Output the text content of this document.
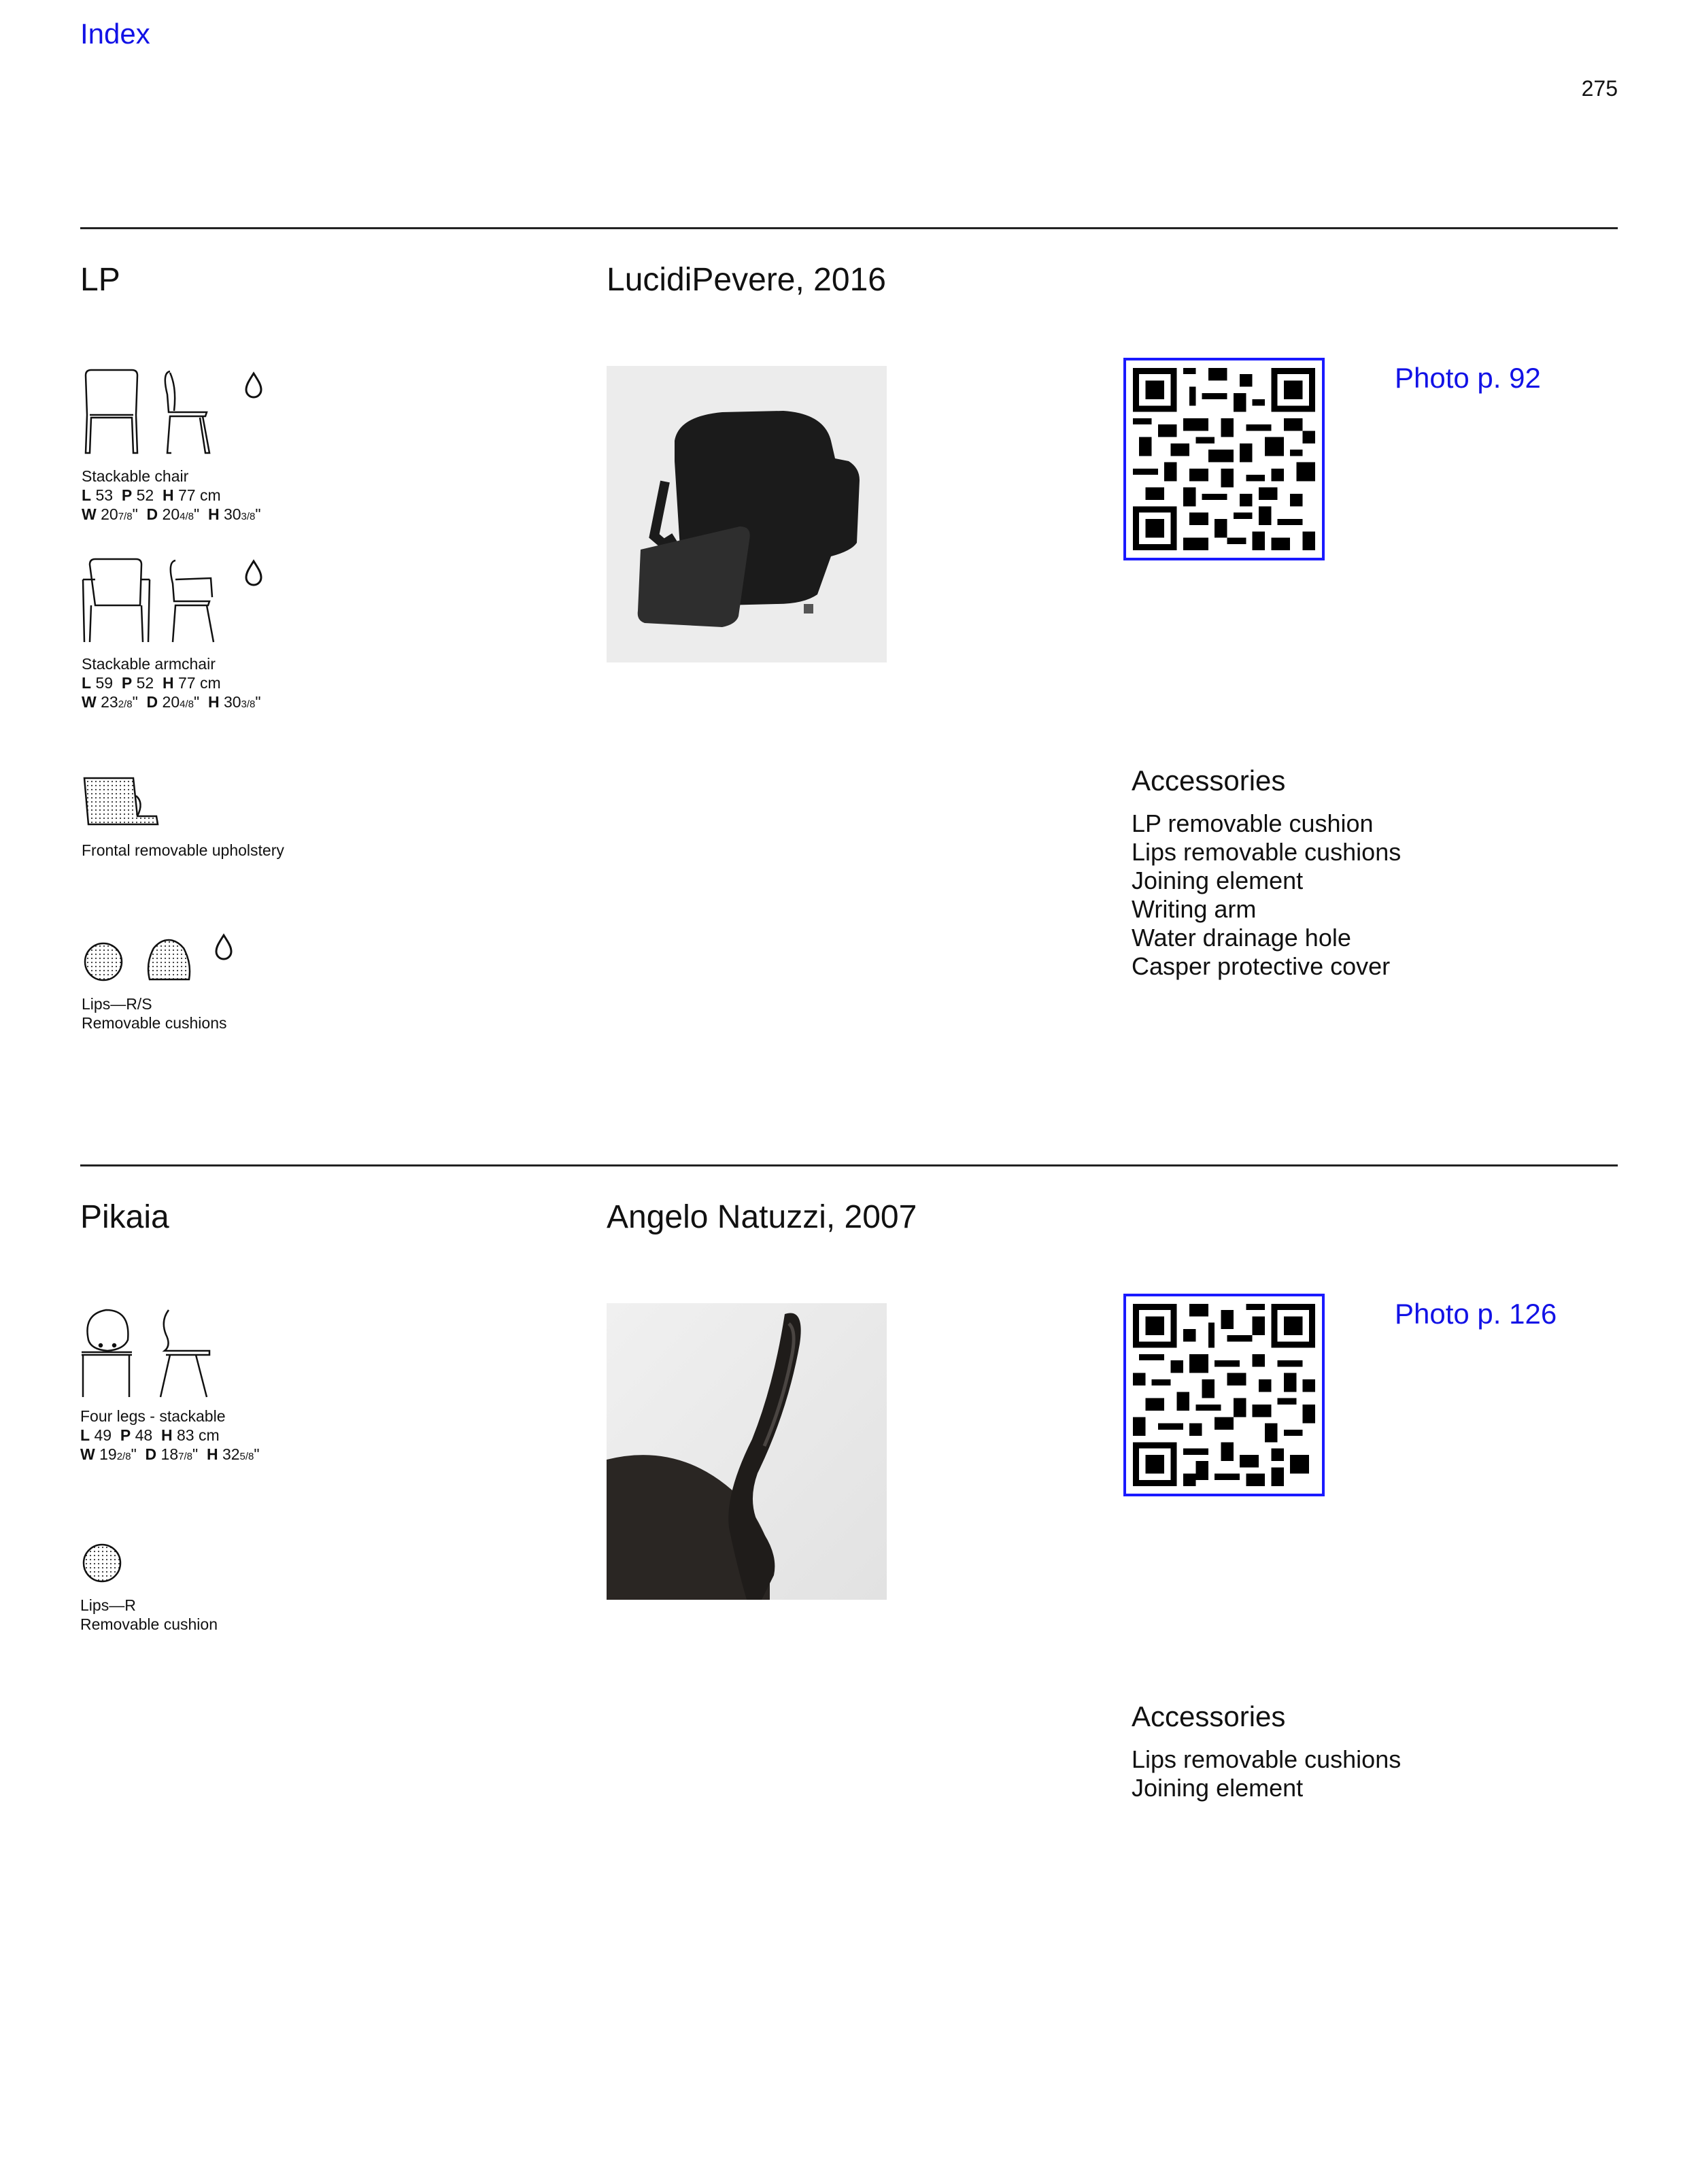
Index
275
LP	LucidiPevere, 2016
Stackable chair
L 53 P 52 H 77 cm
W 207/8"  D 204/8"  H 303/8"
Stackable armchair
L 59 P 52 H 77 cm
W 232/8"  D 204/8"  H 303/8"
Frontal removable upholstery
Lips—R/S
Removable cushions
Photo p. 92
Accessories
LP removable cushion
Lips removable cushions
Joining element
Writing arm
Water drainage hole
Casper protective cover
Pikaia	Angelo Natuzzi, 2007
Four legs - stackable
L 49 P 48 H 83 cm
W 192/8"  D 187/8"  H 325/8"
Lips—R
Removable cushion
Photo p. 126
Accessories
Lips removable cushions
Joining element
